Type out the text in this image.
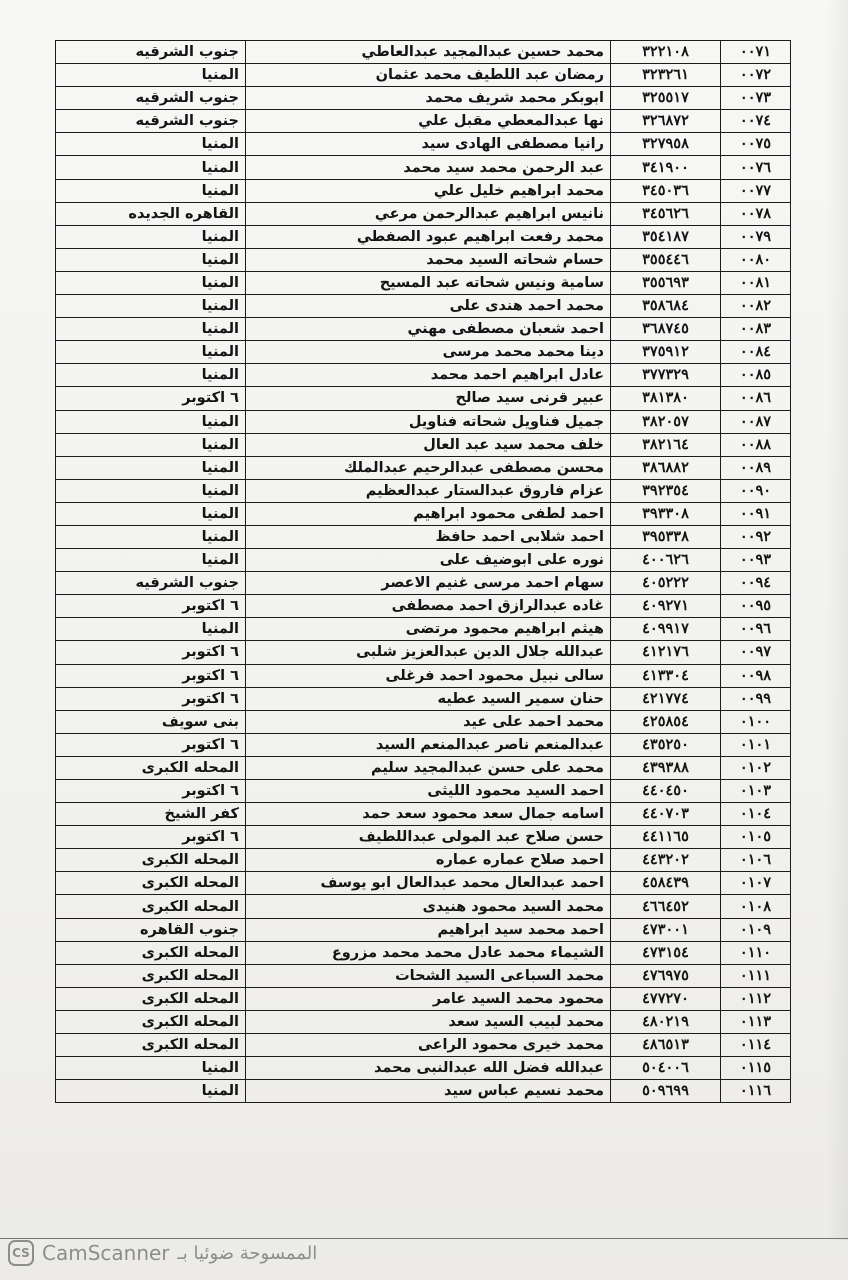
٠٠٧١	٣٢٢١٠٨	محمد حسين عبدالمجيد عبدالعاطي	جنوب الشرقيه
٠٠٧٢	٣٢٣٢٦١	رمضان عبد اللطيف محمد عثمان	المنيا
٠٠٧٣	٣٢٥٥١٧	ابوبكر محمد شريف محمد	جنوب الشرقيه
٠٠٧٤	٣٢٦٨٧٢	نها عبدالمعطي مقبل علي	جنوب الشرقيه
٠٠٧٥	٣٢٧٩٥٨	رانيا مصطفى الهادى سيد	المنيا
٠٠٧٦	٣٤١٩٠٠	عبد الرحمن محمد سيد محمد	المنيا
٠٠٧٧	٣٤٥٠٣٦	محمد ابراهيم خليل علي	المنيا
٠٠٧٨	٣٤٥٦٢٦	نانيس ابراهيم عبدالرحمن مرعي	القاهره الجديده
٠٠٧٩	٣٥٤١٨٧	محمد رفعت ابراهيم عبود الصفطي	المنيا
٠٠٨٠	٣٥٥٤٤٦	حسام شحاته السيد محمد	المنيا
٠٠٨١	٣٥٥٦٩٣	سامية ونيس شحاته عبد المسيح	المنيا
٠٠٨٢	٣٥٨٦٨٤	محمد احمد هندى على	المنيا
٠٠٨٣	٣٦٨٧٤٥	احمد شعبان مصطفى مهني	المنيا
٠٠٨٤	٣٧٥٩١٢	دينا محمد محمد مرسى	المنيا
٠٠٨٥	٣٧٧٣٢٩	عادل ابراهيم احمد محمد	المنيا
٠٠٨٦	٣٨١٣٨٠	عبير قرنى سيد صالح	٦ اكتوبر
٠٠٨٧	٣٨٢٠٥٧	جميل فناويل شحاته فناويل	المنيا
٠٠٨٨	٣٨٢١٦٤	خلف محمد سيد عبد العال	المنيا
٠٠٨٩	٣٨٦٨٨٢	محسن مصطفى عبدالرحيم عبدالملك	المنيا
٠٠٩٠	٣٩٢٣٥٤	عزام فاروق عبدالستار عبدالعظيم	المنيا
٠٠٩١	٣٩٣٣٠٨	احمد لطفى محمود ابراهيم	المنيا
٠٠٩٢	٣٩٥٣٣٨	احمد شلابى احمد حافظ	المنيا
٠٠٩٣	٤٠٠٦٢٦	نوره على ابوضيف على	المنيا
٠٠٩٤	٤٠٥٢٢٢	سهام احمد مرسى غنيم الاعصر	جنوب الشرقيه
٠٠٩٥	٤٠٩٢٧١	غاده عبدالرازق احمد مصطفى	٦ اكتوبر
٠٠٩٦	٤٠٩٩١٧	هيثم ابراهيم محمود مرتضى	المنيا
٠٠٩٧	٤١٢١٧٦	عبدالله جلال الدين عبدالعزيز شلبى	٦ اكتوبر
٠٠٩٨	٤١٣٣٠٤	سالى نبيل محمود احمد فرغلى	٦ اكتوبر
٠٠٩٩	٤٢١٧٧٤	حنان سمير السيد عطيه	٦ اكتوبر
٠١٠٠	٤٢٥٨٥٤	محمد احمد على عيد	بنى سويف
٠١٠١	٤٣٥٢٥٠	عبدالمنعم ناصر عبدالمنعم السيد	٦ اكتوبر
٠١٠٢	٤٣٩٣٨٨	محمد على حسن عبدالمجيد سليم	المحله الكبرى
٠١٠٣	٤٤٠٤٥٠	احمد السيد محمود الليثى	٦ اكتوبر
٠١٠٤	٤٤٠٧٠٣	اسامه جمال سعد محمود سعد حمد	كفر الشيخ
٠١٠٥	٤٤١١٦٥	حسن صلاح عبد المولى عبداللطيف	٦ اكتوبر
٠١٠٦	٤٤٣٢٠٢	احمد صلاح عماره عماره	المحله الكبرى
٠١٠٧	٤٥٨٤٣٩	احمد عبدالعال محمد عبدالعال ابو يوسف	المحله الكبرى
٠١٠٨	٤٦٦٤٥٢	محمد السيد محمود هنيدى	المحله الكبرى
٠١٠٩	٤٧٣٠٠١	احمد محمد سيد ابراهيم	جنوب القاهره
٠١١٠	٤٧٣١٥٤	الشيماء محمد عادل محمد محمد مزروع	المحله الكبرى
٠١١١	٤٧٦٩٧٥	محمد السباعى السيد الشحات	المحله الكبرى
٠١١٢	٤٧٧٢٧٠	محمود محمد السيد عامر	المحله الكبرى
٠١١٣	٤٨٠٢١٩	محمد لبيب السيد سعد	المحله الكبرى
٠١١٤	٤٨٦٥١٣	محمد خيرى محمود الراعى	المحله الكبرى
٠١١٥	٥٠٤٠٠٦	عبدالله فضل الله عبدالنبى محمد	المنيا
٠١١٦	٥٠٩٦٩٩	محمد نسيم عباس سيد	المنيا
CS CamScanner الممسوحة ضوئيا بـ
